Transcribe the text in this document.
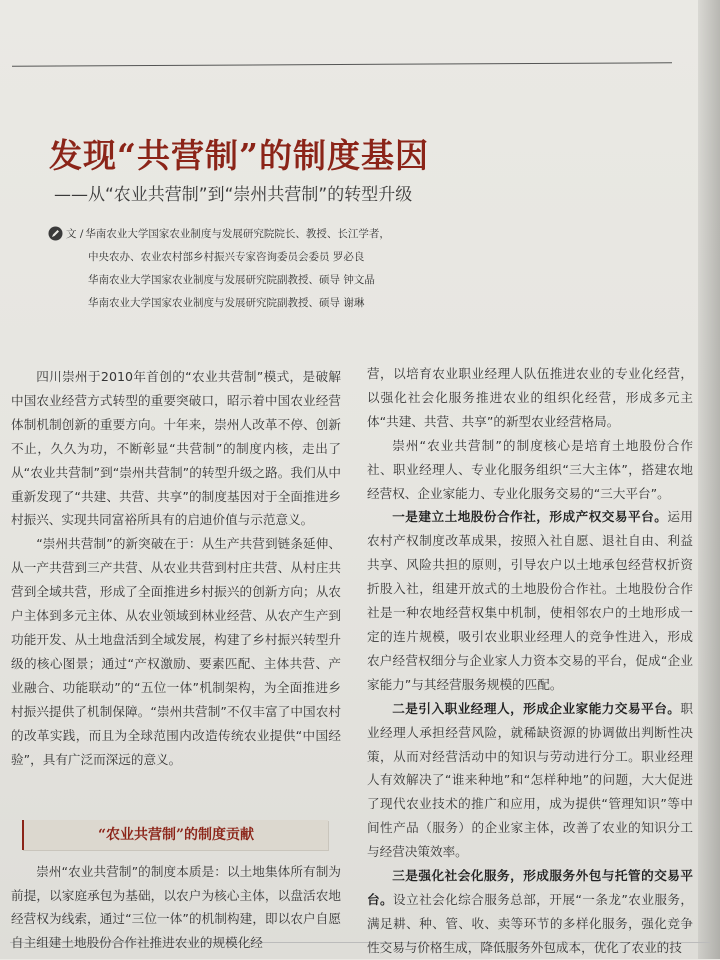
发现“共营制”的制度基因
——从“农业共营制”到“崇州共营制”的转型升级
文 / 华南农业大学国家农业制度与发展研究院院长、教授、长江学者，
中央农办、农业农村部乡村振兴专家咨询委员会委员 罗必良
华南农业大学国家农业制度与发展研究院副教授、硕导 钟文晶
华南农业大学国家农业制度与发展研究院副教授、硕导 谢琳

四川崇州于2010年首创的“农业共营制”模式，是破解中国农业经营方式转型的重要突破口，昭示着中国农业经营体制机制创新的重要方向。十年来，崇州人改革不停、创新不止，久久为功，不断彰显“共营制”的制度内核，走出了从“农业共营制”到“崇州共营制”的转型升级之路。我们从中重新发现了“共建、共营、共享”的制度基因对于全面推进乡村振兴、实现共同富裕所具有的启迪价值与示范意义。

“崇州共营制”的新突破在于：从生产共营到链条延伸、从一产共营到三产共营、从农业共营到村庄共营、从村庄共营到全域共营，形成了全面推进乡村振兴的创新方向；从农户主体到多元主体、从农业领域到林业经营、从农产生产到功能开发、从土地盘活到全域发展，构建了乡村振兴转型升级的核心图景；通过“产权激励、要素匹配、主体共营、产业融合、功能联动”的“五位一体”机制架构，为全面推进乡村振兴提供了机制保障。“崇州共营制”不仅丰富了中国农村的改革实践，而且为全球范围内改造传统农业提供“中国经验”，具有广泛而深远的意义。

“农业共营制”的制度贡献

崇州“农业共营制”的制度本质是：以土地集体所有制为前提，以家庭承包为基础，以农户为核心主体，以盘活农地经营权为线索，通过“三位一体”的机制构建，即以农户自愿自主组建土地股份合作社推进农业的规模化经

营，以培育农业职业经理人队伍推进农业的专业化经营，以强化社会化服务推进农业的组织化经营，形成多元主体“共建、共营、共享”的新型农业经营格局。

崇州“农业共营制”的制度核心是培育土地股份合作社、职业经理人、专业化服务组织“三大主体”，搭建农地经营权、企业家能力、专业化服务交易的“三大平台”。

一是建立土地股份合作社，形成产权交易平台。运用农村产权制度改革成果，按照入社自愿、退社自由、利益共享、风险共担的原则，引导农户以土地承包经营权折资折股入社，组建开放式的土地股份合作社。土地股份合作社是一种农地经营权集中机制，使相邻农户的土地形成一定的连片规模，吸引农业职业经理人的竞争性进入，形成农户经营权细分与企业家人力资本交易的平台，促成“企业家能力”与其经营服务规模的匹配。

二是引入职业经理人，形成企业家能力交易平台。职业经理人承担经营风险，就稀缺资源的协调做出判断性决策，从而对经营活动中的知识与劳动进行分工。职业经理人有效解决了“谁来种地”和“怎样种地”的问题，大大促进了现代农业技术的推广和应用，成为提供“管理知识”等中间性产品（服务）的企业家主体，改善了农业的知识分工与经营决策效率。

三是强化社会化服务，形成服务外包与托管的交易平台。设立社会化综合服务总部，开展“一条龙”农业服务，满足耕、种、管、收、卖等环节的多样化服务，强化竞争性交易与价格生成，降低服务外包成本，优化了农业的技
